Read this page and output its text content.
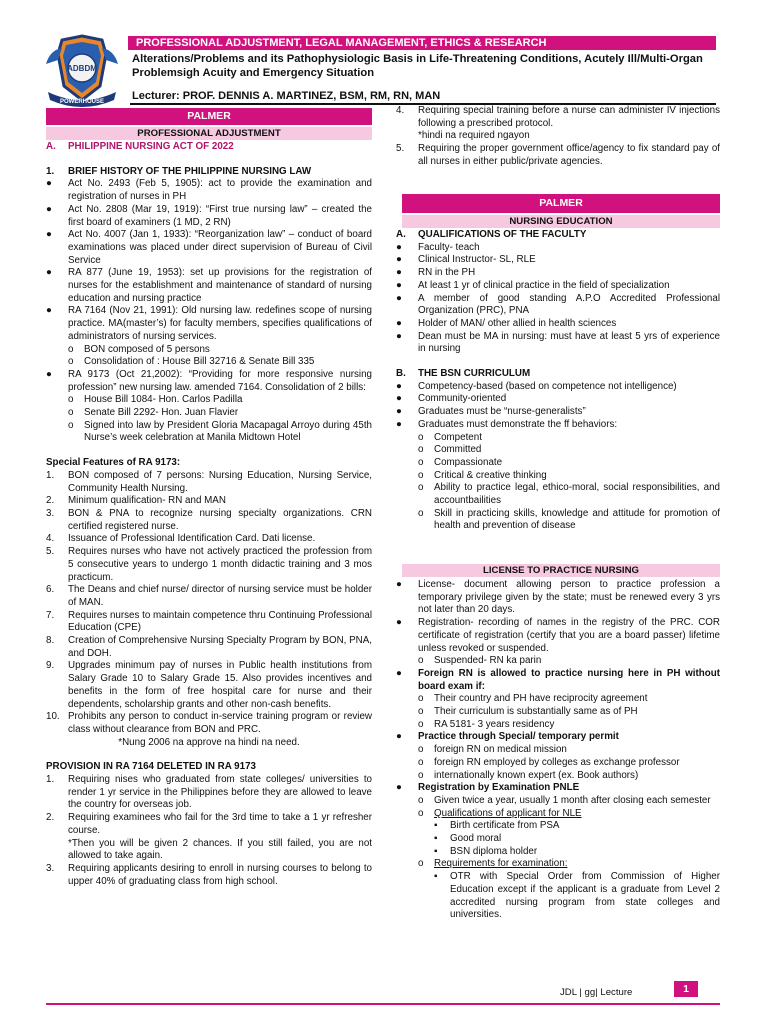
ADBDM
POWERHOUSE
PROFESSIONAL ADJUSTMENT, LEGAL MANAGEMENT, ETHICS & RESEARCH
Alterations/Problems and its Pathophysiologic Basis in Life-Threatening Conditions, Acutely Ill/Multi-Organ Problemsigh Acuity and Emergency Situation
Lecturer: PROF. DENNIS A. MARTINEZ, BSM, RM, RN, MAN
PALMER
PROFESSIONAL ADJUSTMENT
A.	PHILIPPINE NURSING ACT OF 2022
1.	BRIEF HISTORY OF THE PHILIPPINE NURSING LAW
●	Act No. 2493 (Feb 5, 1905): act to provide the examination and registration of nurses in PH
●	Act No. 2808 (Mar 19, 1919): “First true nursing law” – created the first board of examiners (1 MD, 2 RN)
●	Act No. 4007 (Jan 1, 1933): “Reorganization law” – conduct of board examinations was placed under direct supervision of Bureau of Civil Service
●	RA 877 (June 19, 1953): set up provisions for the registration of nurses for the establishment and maintenance of standard of nursing education and nursing practice
●	RA 7164 (Nov 21, 1991): Old nursing law. redefines scope of nursing practice. MA(master’s) for faculty members, specifies qualifications of administrators of nursing services.
o	BON composed of 5 persons
o	Consolidation of : House Bill 32716 & Senate Bill 335
●	RA 9173 (Oct 21,2002): “Providing for more responsive nursing profession” new nursing law. amended 7164. Consolidation of 2 bills:
o	House Bill 1084- Hon. Carlos Padilla
o	Senate Bill 2292- Hon. Juan Flavier
o	Signed into law by President Gloria Macapagal Arroyo during 45th Nurse’s week celebration at Manila Midtown Hotel

Special Features of RA 9173:

1.	BON composed of 7 persons: Nursing Education, Nursing Service, Community Health Nursing.
2.	Minimum qualification- RN and MAN
3.	BON & PNA to recognize nursing specialty organizations. CRN certified registered nurse.
4.	Issuance of Professional Identification Card. Dati license.
5.	Requires nurses who have not actively practiced the profession from 5 consecutive years to undergo 1 month didactic training and 3 mos practicum.
6.	The Deans and chief nurse/ director of nursing service must be holder of MAN.
7.	Requires nurses to maintain competence thru Continuing Professional Education (CPE)
8.	Creation of Comprehensive Nursing Specialty Program by BON, PNA, and DOH.
9.	Upgrades minimum pay of nurses in Public health institutions from Salary Grade 10 to Salary Grade 15. Also provides incentives and benefits in the form of free hospital care for nurse and their dependents, scholarship grants and other non-cash benefits.
10. Prohibits any person to conduct in-service training program or review class without clearance from BON and PRC.

*Nung 2006 na approve na hindi na need.

PROVISION IN RA 7164 DELETED IN RA 9173

1.	Requiring nises who graduated from state colleges/ universities to render 1 yr service in the Philippines before they are allowed to leave the country for overseas job.
2.	Requiring examinees who fail for the 3rd time to take a 1 yr refresher course.
*Then you will be given 2 chances. If you still failed, you are not allowed to take again.
3.	Requiring applicants desiring to enroll in nursing courses to belong to upper 40% of graduating class from high school.
4.	Requiring special training before a nurse can administer IV injections following a prescribed protocol.
*hindi na required ngayon
5.	Requiring the proper government office/agency to fix standard pay of all nurses in either public/private agencies.
PALMER
NURSING EDUCATION
A.	QUALIFICATIONS OF THE FACULTY
●	Faculty- teach
●	Clinical Instructor- SL, RLE
●	RN in the PH
●	At least 1 yr of clinical practice in the field of specialization
●	A member of good standing A.P.O Accredited Professional Organization (PRC), PNA
●	Holder of MAN/ other allied in health sciences
●	Dean must be MA in nursing: must have at least 5 yrs of experience in nursing
B.	THE BSN CURRICULUM
●	Competency-based (based on competence not intelligence)
●	Community-oriented
●	Graduates must be “nurse-generalists”
●	Graduates must demonstrate the ff behaviors:
o	Competent
o	Committed
o	Compassionate
o	Critical & creative thinking
o	Ability to practice legal, ethico-moral, social responsibilities, and accountbailities
o	Skill in practicing skills, knowledge and attitude for promotion of health and prevention of disease
LICENSE TO PRACTICE NURSING
●	License- document allowing person to practice profession a temporary privilege given by the state; must be renewed every 3 yrs not later than 20 days.
●	Registration- recording of names in the registry of the PRC. COR certificate of registration (certify that you are a board passer) lifetime unless revoked or suspended.
o	Suspended- RN ka parin
●	Foreign RN is allowed to practice nursing here in PH without board exam if:
o	Their country and PH have reciprocity agreement
o	Their curriculum is substantially same as of PH
o	RA 5181- 3 years residency
●	Practice through Special/ temporary permit
o	foreign RN on medical mission
o	foreign RN employed by colleges as exchange professor
o	internationally known expert (ex. Book authors)
●	Registration by Examination PNLE
o	Given twice a year, usually 1 month after closing each semester
o	Qualifications of applicant for NLE
▪	Birth certificate from PSA
▪	Good moral
▪	BSN diploma holder
o	Requirements for examination:
▪	OTR with Special Order from Commission of Higher Education except if the applicant is a graduate from Level 2 accredited nursing program from state colleges and universities.
JDL | gg| Lecture	1
